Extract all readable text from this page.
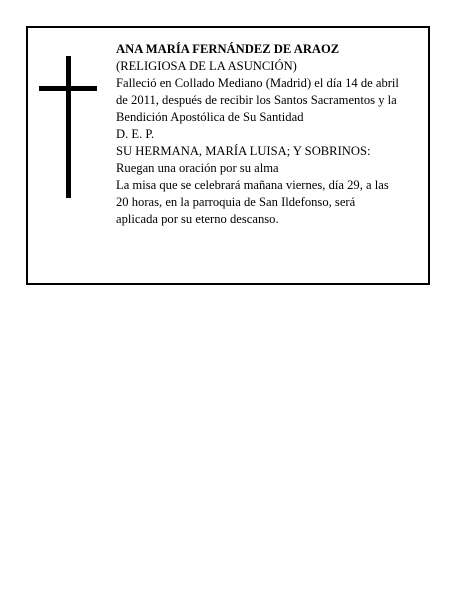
ANA MARÍA FERNÁNDEZ DE ARAOZ
(RELIGIOSA DE LA ASUNCIÓN)
Falleció en Collado Mediano (Madrid) el día 14 de abril
de 2011, después de recibir los Santos Sacramentos y la
Bendición Apostólica de Su Santidad
D. E. P.
SU HERMANA, MARÍA LUISA; Y SOBRINOS:
Ruegan una oración por su alma
La misa que se celebrará mañana viernes, día 29, a las
20 horas, en la parroquia de San Ildefonso, será
aplicada por su eterno descanso.
